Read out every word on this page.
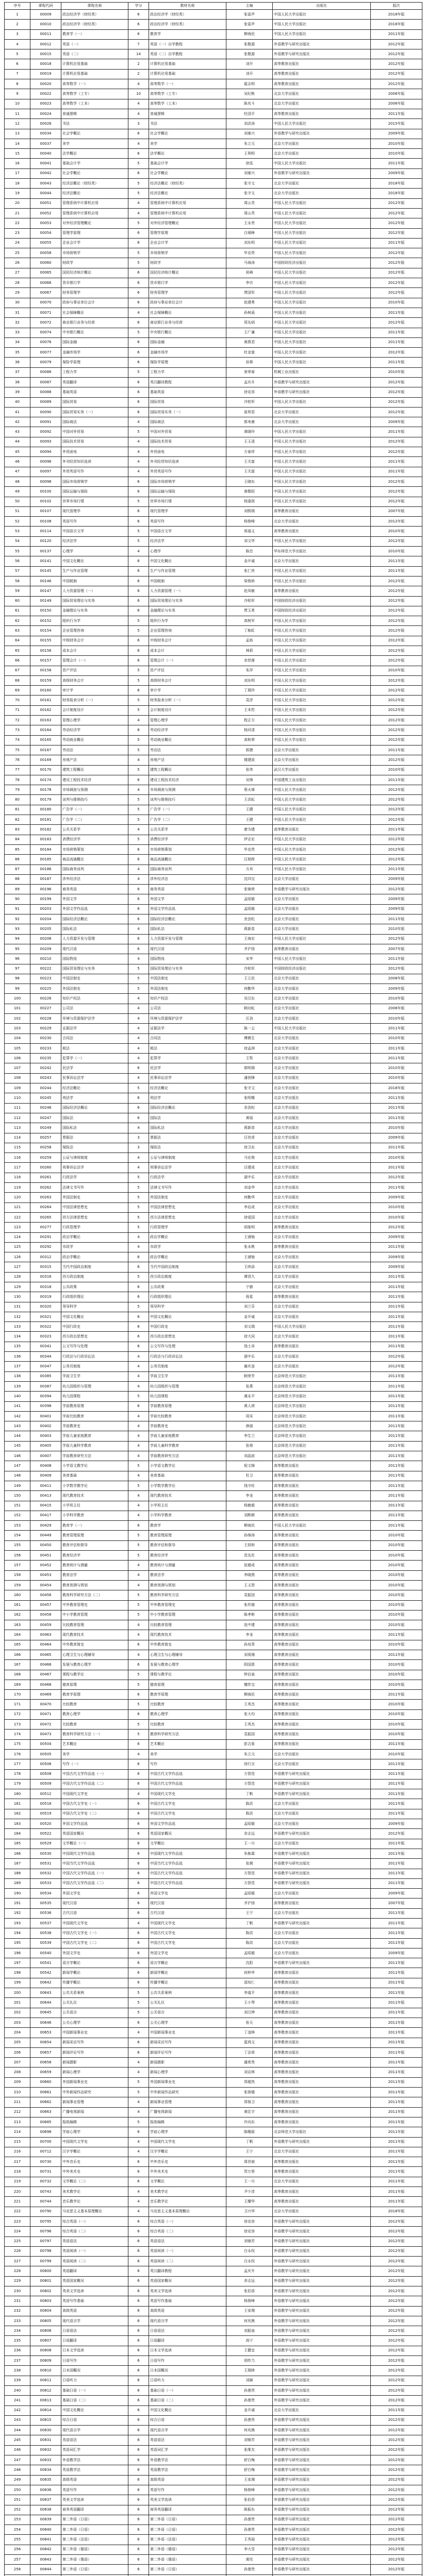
序号	课程代码	课程名称	学分	教材名称	主编	出版社	版次
1	00009	政治经济学（财经类）	6	政治经济学（财经类）	张雷声	中国人民大学出版社	2018年版
2	00010	政治经济学（财经类）	6	政治经济学（财经类）	张雷声	中国人民大学出版社	2018年版
3	00011	教育学（一）	6	教育学	柳海民	中国人民大学出版社	2011年版
4	00012	英语（一）	7	英语（一）自学教程	张敬源	外语教学与研究出版社	2012年版
5	00015	英语（二）	14	英语（二）自学教程	张敬源	外语教学与研究出版社	2012年版
6	00018	计算机应用基础	2	计算机应用基础	刘开	高等教育出版社	2012年版
7	00019	计算机应用基础	2	计算机应用基础	刘开	高等教育出版社	2012年版
8	00020	高等数学（一）	4	高等数学（一）	扈志明	高等教育出版社	2012年版
9	00022	高等数学（工专）	10	高等数学（工专）	吴纪桃	北京大学出版社	2006年版
10	00023	高等数学（工本）	4	高等数学（工本）	陈兆斗	北京大学出版社	2006年版
11	00024	普通逻辑	4	普通逻辑	杜国平	高等教育出版社	2011年版
12	00026	书法	3	书法	刘洪涛	中国人民大学出版社	2015年版
13	00034	社会学概论	6	社会学概论	刘豪兴	外语教学与研究出版社	2009年版
14	00037	美学	4	美学	朱立元	北京大学出版社	2010年版
15	00040	法学概论	6	法学概论	王利明	北京大学出版社	2010年版
16	00041	基础会计学	5	基础会计学	徐泓	中国人民大学出版社	2011年版
17	00042	社会学概论	6	社会学概论	刘豪兴	外语教学与研究出版社	2009年版
18	00043	经济法概论（财经类）	5	经济法概论（财经类）	张守文	北京大学出版社	2018年版
19	00044	经济法概论	5	经济法概论	张守文	北京大学出版社	2018年版
20	00051	管理系统中计算机应用	4	管理系统中计算机应用	周山芙	中国人民大学出版社	2012年版
21	00052	管理系统中计算机应用	4	管理系统中计算机应用	周山芙	中国人民大学出版社	2012年版
22	00053	对外经济管理概论	5	对外经济管理概论	王永贵	中国人民大学出版社	2012年版
23	00054	管理学原理	6	管理学原理	白瑷峥	中国人民大学出版社	2012年版
24	00055	企业会计学	6	企业会计学	刘东明	中国人民大学出版社	2011年版
25	00058	市场营销学	5	市场营销学	毕克贵	中国人民大学出版社	2012年版
26	00060	财政学	5	财政学	马海涛	中国财政经济出版社	2012年版
27	00065	国民经济统计概论	6	国民经济统计概论	侯峰	中国人民大学出版社	2012年版
28	00066	货币银行学	6	货币银行学	李宗	中国人民大学出版社	2012年版
29	00067	财务管理学	6	财务管理学	贾国军	中国人民大学出版社	2012年版
30	00070	政府与事业单位会计	6	政府与事业单位会计	赵建勇	中国人民大学出版社	2010年版
31	00071	社会保障概论	4	社会保障概论	孙树菡	中国人民大学出版社	2011年版
32	00072	商业银行业务与经营	6	商业银行业务与经营	郑先炳	中国人民大学出版社	2012年版
33	00074	中央银行概论	5	中央银行概论	王广谦	中国人民大学出版社	2011年版
34	00076	国际金融	6	国际金融	黄燕君	中国人民大学出版社	2011年版
35	00077	金融市场学	6	金融市场学	杜金富	中国人民大学出版社	2012年版
36	00079	保险学原理	6	保险学原理	孙蓉	中国人民大学出版社	2011年版
37	00086	工程力学	5	工程力学	景荣春	机械工业出版社	2010年版
38	00087	英语翻译	6	英汉翻译教程	孟庆升	外语教学与研究出版社	2012年版
39	00088	基础英语	6	基础英语	徐克容	外语教学与研究出版社	2012年版
40	00089	国际贸易	6	国际贸易	冷柏军	中国人民大学出版社	2012年版
41	00090	国际贸易实务（一）	6	国际贸易实务（一）	聂利君	北京大学出版社	2012年版
42	00091	国际商法	4	国际商法	郭寿康	北京大学出版社	2009年版
43	00092	中国对外贸易	5	中国对外贸易	黄晓玲	中国人民大学出版社	2011年版
44	00093	国际技术贸易	4	国际技术贸易	王玉清	中国人民大学出版社	2012年版
45	00094	外贸函电	4	外贸函电	方春祥	中国人民大学出版社	2012年版
46	00096	外刊经贸知识选读	4	外刊经贸知识选读	王关富	中国人民大学出版社	2011年版
47	00097	外贸英语写作	4	外贸英语写作	王关富	中国人民大学出版社	2011年版
48	00098	国际市场营销学	6	国际市场营销学	王晓东	中国人民大学出版社	2012年版
49	00100	国际运输与保险	6	国际运输与保险	黄敬阳	中国人民大学出版社	2012年版
50	00102	世界市场行情	5	世界市场行情	杨逢珉	中国人民大学出版社	2012年版
51	00107	现代管理学	6	现代管理学	刘熙瑞	高等教育出版社	2007年版
52	00108	英语写作	6	英语写作	杨俊峰	北京大学出版社	2012年版
53	00114	中国语言文学	5	中国语言文学	邢福义	高等教育出版社	2010年版
54	00120	经济法学	5	经济法学	刘文华	中国人民大学出版社	2012年版
55	00137	心理学	4	心理学	陈忠	华东师范大学出版社	2010年版
56	00141	中国文化概论	6	中国文化概论	金开诚	北京大学出版社	2011年版
57	00145	生产与作业管理	6	生产与作业管理	张仁侠	中国人民大学出版社	2011年版
58	00146	中国税制	6	中国税制	梁俊娇	中国人民大学出版社	2012年版
59	00147	人力资源管理（一）	6	人力资源管理（一）	赵凤敏	高等教育出版社	2012年版
60	00149	国际贸易理论与实务	6	国际贸易理论与实务	冷柏军	中国财政经济出版社	2012年版
61	00150	金融理论与实务	6	金融理论与实务	贾玉革	中国财政经济出版社	2012年版
62	00152	组织行为学	5	组织行为学	高树军	中国人民大学出版社	2012年版
63	00154	企业管理咨询	5	企业管理咨询	丁栋虹	中国人民大学出版社	2012年版
64	00155	中级财务会计	6	中级财务会计	孟焰	中国人民大学出版社	2012年版
65	00156	成本会计	6	成本会计	林莉	中国人民大学出版社	2012年版
66	00157	管理会计（一）	6	管理会计（一）	余恕莲	中国人民大学出版社	2012年版
67	00158	资产评估	5	资产评估	朱萍	中国人民大学出版社	2010年版
68	00159	高级财务会计	5	高级财务会计	刘东明	中国人民大学出版社	2012年版
69	00160	审计学	6	审计学	丁瑞玲	中国人民大学出版社	2012年版
70	00161	财务报表分析（一）	5	财务报表分析（一）	袁淳	中国人民大学出版社	2012年版
71	00162	会计制度设计	5	会计制度设计	王本哲	中国人民大学出版社	2012年版
72	00163	管理心理学	4	管理心理学	程正方	中国人民大学出版社	2012年版
73	00164	劳动经济学	6	劳动经济学	杨河清	中国人民大学出版社	2012年版
74	00165	劳动就业概论	5	劳动就业概论	高和荣	中国人民大学出版社	2012年版
75	00167	劳动法	5	劳动法	郭捷	北京大学出版社	2011年版
76	00169	房地产法	4	房地产法	楼建波	北京大学出版社	2012年版
77	00170	建筑工程概论	5	建筑工程概论	张伟	武汉大学出版社	2010年版
78	00174	建设工程技术经济	6	建设工程技术经济	吴锋	中国建筑工业出版社	2011年版
79	00178	市场调查与预测	4	市场调查与预测	蔡火娣	中国人民大学出版社	2012年版
80	00179	谈判与推销技巧	5	谈判与推销技巧	王洪耘	中国人民大学出版社	2012年版
81	00180	广告学（一）	5	广告学（一）	王健	中国人民大学出版社	2012年版
82	00181	广告学（二）	5	广告学（二）	王健	中国人民大学出版社	2012年版
83	00182	公共关系学	4	公共关系学	廖为建	高等教育出版社	2011年版
84	00183	消费经济学	5	消费经济学	伊志宏	中国人民大学出版社	2012年版
85	00184	市场营销策划	6	市场营销策划	毕克贵	中国人民大学出版社	2012年版
86	00185	商品流通概论	6	商品流通概论	汪旭晖	中国人民大学出版社	2012年版
87	00186	国际商务谈判	4	国际商务谈判	方其	中国人民大学出版社	2011年版
88	00187	涉外经济法	4	涉外经济法	沈四宝	北京大学出版社	2009年版
89	00196	商务英语	6	商务英语	张锦荣	外语教学与研究出版社	2012年版
90	00199	外国文学	6	外国文学	孟昭毅	北京大学出版社	2009年版
91	00203	外国文学作品选	6	外国文学作品选	孟昭毅	北京大学出版社	2009年版
92	00204	国际经济法概论	6	国际经济法概论	余劲松	北京大学出版社	2011年版
93	00205	国际私法	4	国际私法	蒋新苗	北京大学出版社	2010年版
94	00206	人力资源开发与管理	6	人力资源开发与管理	王海宏	中国人民大学出版社	2012年版
95	00209	现代汉语	6	现代汉语	齐沪扬	高等教育出版社	2007年版
96	00210	国际物流	4	国际物流	宋华	中国人民大学出版社	2011年版
97	00222	国际贸易理论与实务	5	国际贸易理论与实务	冷柏军	中国财政经济出版社	2012年版
98	00223	中国法制史	5	中国法制史	王立民	北京大学出版社	2008年版
99	00225	外国法制史	5	外国法制史	何勤华	北京大学出版社	2009年版
100	00226	知识产权法	4	知识产权法	吴汉东	北京大学出版社	2010年版
101	00227	公司法	4	公司法	顾功耘	北京大学出版社	2008年版
102	00228	环境与资源保护法学	4	环境与资源保护法学	汪劲	北京大学出版社	2010年版
103	00229	证据法学	4	证据法学	陈一云	中国人民大学出版社	2011年版
104	00230	合同法	4	合同法	傅鼎生	北京大学出版社	2010年版
105	00233	税法	4	税法	徐孟洲	北京大学出版社	2011年版
106	00235	犯罪学（一）	4	犯罪学	王牧	北京大学出版社	2011年版
107	00242	民法学	6	民法学	郭明瑞	北京大学出版社	2010年版
108	00243	民事诉讼法学	4	民事诉讼法学	潘剑锋	北京大学出版社	2010年版
109	00244	经济法概论	5	经济法概论	张守文	北京大学出版社	2018年版
110	00245	刑法学	6	刑法学	张明楷	北京大学出版社	2011年版
111	00246	国际经济法概论	6	国际经济法概论	余劲松	北京大学出版社	2011年版
112	00247	国际法	6	国际法	黄瑶	北京大学出版社	2011年版
113	00249	国际私法	4	国际私法	蒋新苗	北京大学出版社	2010年版
114	00257	票据法	3	票据法	汪世虎	北京大学出版社	2009年版
115	00258	保险法	3	保险法	徐卫东	北京大学出版社	2011年版
116	00259	公证与律师制度	4	公证与律师制度	马宏俊	北京大学出版社	2010年版
117	00260	刑事诉讼法学	4	刑事诉讼法学	汪建成	北京大学出版社	2011年版
118	00261	行政法学	5	行政法学	湛中乐	北京大学出版社	2012年版
119	00262	法律文书写作	5	法律文书写作	刘金华	北京大学出版社	2011年版
120	00263	外国法制史	5	外国法制史	何勤华	北京大学出版社	2009年版
121	00264	中国法律思想史	5	中国法律思想史	李启成	北京大学出版社	2010年版
122	00265	西方法律思想史	5	西方法律思想史	徐爱国	北京大学出版社	2010年版
123	00277	行政管理学	5	行政管理学	胡象明	高等教育出版社	2012年版
124	00291	政治学概论	4	政治学概论	王浦劬	北京大学出版社	2009年版
125	00292	市政学	4	市政学	张永桃	高等教育出版社	2011年版
126	00312	政治学概论	6	政治学概论	王浦劬	北京大学出版社	2009年版
127	00315	当代中国政治制度	6	当代中国政治制度	王续添	北京大学出版社	2009年版
128	00316	西方政治制度	5	西方政治制度	谭君久	北京大学出版社	2011年版
129	00318	公共政策	6	公共政策	宁骚	北京大学出版社	2011年版
130	00319	行政组织理论	6	行政组织理论	倪星	高等教育出版社	2011年版
131	00320	领导科学	5	领导科学	刘兰芬	北京大学出版社	2011年版
132	00321	中国文化概论	6	中国文化概论	金开诚	北京大学出版社	2011年版
133	00322	中国行政史	6	中国行政史	刘文瑞	中国人民大学出版社	2011年版
134	00323	西方政治思想史	6	西方政治思想史	徐大同	北京大学出版社	2011年版
135	00341	公文写作与处理	6	公文写作与处理	饶士奇	高等教育出版社	2011年版
136	00344	行政法与行政诉讼法	4	行政法与行政诉讼法	湛中乐	北京大学出版社	2012年版
137	00347	公务员制度	4	公务员制度	谢庆奎	北京大学出版社	2012年版
138	00385	学前卫生学	4	学前卫生学	顾荣芳	北京师范大学出版社	2011年版
139	00387	幼儿园组织与管理	4	幼儿园组织与管理	张燕	北京师范大学出版社	2011年版
140	00394	幼儿园课程	5	幼儿园课程	虞永平	北京师范大学出版社	2011年版
141	00398	学前教育原理	6	学前教育原理	黄人颂	北京师范大学出版社	2011年版
142	00401	学前比较教育	4	学前比较教育	周采	北京师范大学出版社	2011年版
143	00402	学前教育史	4	学前教育史	唐淑	北京师范大学出版社	2011年版
144	00403	学前儿童家庭教育	4	学前儿童家庭教育	李生兰	北京师范大学出版社	2011年版
145	00405	学前儿童科学教育	4	学前儿童科学教育	张俊	北京师范大学出版社	2011年版
146	00407	学前教育研究方法	4	学前教育研究方法	刘晶波	北京师范大学出版社	2011年版
147	00408	小学语文教学论	5	小学语文教学论	倪文锦	高等教育出版社	2011年版
148	00409	美育基础	4	美育基础	杜卫	高等教育出版社	2011年版
149	00411	小学数学教学论	5	小学数学教学论	钱守旺	高等教育出版社	2011年版
150	00413	现代教育技术	4	现代教育技术	李龙	高等教育出版社	2011年版
151	00415	小学班主任	4	小学班主任	杨敏毅	高等教育出版社	2011年版
152	00417	小学科学教育	4	小学科学教育	刘默耕	高等教育出版社	2011年版
153	00429	教育学（一）	6	教育学	柳海民	中国人民大学出版社	2011年版
154	00449	教育管理原理	5	教育管理原理	孙绵涛	高等教育出版社	2010年版
155	00450	教育评估和督导	5	教育评估和督导	王致和	高等教育出版社	2010年版
156	00451	教育经济学	5	教育经济学	范先佐	高等教育出版社	2010年版
157	00452	教育统计与测量	4	教育统计与测量	赵德成	高等教育出版社	2010年版
158	00453	教育法学	4	教育法学	李晓燕	高等教育出版社	2010年版
159	00454	教育预测与规划	4	教育预测与规划	王义智	高等教育出版社	2010年版
160	00456	教育科学研究方法（二）	5	教育科学研究方法	袁振国	高等教育出版社	2010年版
161	00457	中外教育管理史	5	中外教育管理史	张传燧	高等教育出版社	2010年版
162	00458	中小学教育管理	5	中小学教育管理	陈孝彬	高等教育出版社	2010年版
163	00459	比较教育管理	4	比较教育管理	赵中建	高等教育出版社	2010年版
164	00463	现代教育技术	4	现代教育技术	李龙	高等教育出版社	2011年版
165	00464	中外教育简史	6	中外教育简史	孙培青	高等教育出版社	2010年版
166	00465	心理卫生与心理辅导	4	心理卫生与心理辅导	刘视湘	高等教育出版社	2011年版
167	00466	发展与教育心理学	6	发展与教育心理学	阴国恩	高等教育出版社	2010年版
168	00467	课程与教学论	5	课程与教学论	钟启泉	高等教育出版社	2010年版
169	00468	德育原理	5	德育原理	檀传宝	高等教育出版社	2010年版
170	00469	教育学原理	6	教育学原理	柳海民	高等教育出版社	2011年版
171	00470	比较教育	5	比较教育	王英杰	高等教育出版社	2010年版
172	00471	教育心理学	6	教育心理学	张大均	高等教育出版社	2010年版
173	00472	比较教育	5	比较教育	王英杰	高等教育出版社	2010年版
174	00473	教育科学研究方法（一）	5	教育科学研究方法	袁振国	高等教育出版社	2010年版
175	00504	艺术概论	6	艺术概论	彭吉象	高等教育出版社	2011年版
176	00505	美学	4	美学	朱立元	北京大学出版社	2010年版
177	00506	写作（一）	6	写作	徐行言	北京大学出版社	2011年版
178	00508	中国古代文学作品选（一）	6	中国古代文学作品选	方智范	外语教学与研究出版社	2011年版
179	00509	中国古代文学作品选（二）	6	中国古代文学作品选	方智范	外语教学与研究出版社	2011年版
180	00512	中国现代文学史	4	中国现代文学史	丁帆	外语教学与研究出版社	2011年版
181	00518	中国古代文学史（一）	6	中国古代文学史	陈洪	北京大学出版社	2011年版
182	00519	中国古代文学史（二）	6	中国古代文学史	陈洪	北京大学出版社	2011年版
183	00520	外国文学作品选	6	外国文学作品选	孟昭毅	北京大学出版社	2009年版
184	00522	英语国家概况	6	英语国家概况	余志远	外语教学与研究出版社	2012年版
185	00529	文学概论（一）	6	文学概论	王一川	北京大学出版社	2011年版
186	00530	中国现代文学作品选	6	中国现代文学作品选	朱栋霖	外语教学与研究出版社	2011年版
187	00531	中国当代文学作品选	6	中国当代文学作品选	张炯	外语教学与研究出版社	2011年版
188	00532	中国古代文学作品选（一）	6	中国古代文学作品选	方智范	外语教学与研究出版社	2011年版
189	00533	中国古代文学作品选（二）	6	中国古代文学作品选	方智范	外语教学与研究出版社	2011年版
190	00534	外国文学史	6	外国文学史	孟昭毅	北京大学出版社	2009年版
191	00535	现代汉语	6	现代汉语	齐沪扬	高等教育出版社	2007年版
192	00536	古代汉语	6	古代汉语	王宁	北京大学出版社	2011年版
193	00537	中国现代文学史	4	中国现代文学史	丁帆	外语教学与研究出版社	2011年版
194	00538	中国古代文学史（一）	6	中国古代文学史	陈洪	北京大学出版社	2011年版
195	00539	中国古代文学史（二）	6	中国古代文学史	陈洪	北京大学出版社	2011年版
196	00540	外国文学史	6	外国文学史	孟昭毅	北京大学出版社	2009年版
197	00541	语言学概论	6	语言学概论	沈阳	外语教学与研究出版社	2011年版
198	00542	新闻学概论	6	新闻学概论	何梓华	高等教育出版社	2011年版
199	00642	传播学概论	6	传播学概论	邵培仁	高等教育出版社	2011年版
200	00643	公共关系案例	5	公共关系案例	李道平	高等教育出版社	2011年版
201	00644	公关礼仪	5	公关礼仪	王小琴	高等教育出版社	2011年版
202	00645	公关语言	5	公关语言	刘汉坤	高等教育出版社	2011年版
203	00646	公关心理学	6	公关心理学	张天	高等教育出版社	2011年版
204	00653	中国新闻事业史	4	中国新闻事业史	丁淦林	高等教育出版社	2011年版
205	00654	新闻采访写作	6	新闻采访写作	蓝鸿文	高等教育出版社	2011年版
206	00657	新闻评论写作	6	新闻评论写作	丁法章	高等教育出版社	2011年版
207	00658	新闻摄影	4	新闻摄影	盛希贵	高等教育出版社	2011年版
208	00659	新闻心理学	4	新闻心理学	刘京林	高等教育出版社	2011年版
209	00660	外国新闻事业史	5	外国新闻事业史	郑超然	高等教育出版社	2011年版
210	00661	中外新闻作品研究	5	中外新闻作品研究	张骏德	高等教育出版社	2011年版
211	00662	新闻事业管理	4	新闻事业管理	郑保卫	高等教育出版社	2011年版
212	00663	广播电视新闻	4	广播电视新闻	黄匡宇	高等教育出版社	2011年版
213	00685	报纸编辑	5	报纸编辑	许向东	高等教育出版社	2011年版
214	00698	学前心理学	6	学前心理学	陈帼眉	北京师范大学出版社	2011年版
215	00700	中国现代文学史	4	中国现代文学史	丁帆	外语教学与研究出版社	2011年版
216	00712	汉字学概论	4	汉字学概论	王宁	北京大学出版社	2011年版
217	00730	中外音乐史	6	中外音乐史	周世斌	高等教育出版社	2011年版
218	00731	中外美术史	6	中外美术史	贺万里	高等教育出版社	2011年版
219	00732	文学概论（二）	6	文学概论	王一川	北京大学出版社	2011年版
220	00743	美术教学论	4	美术教学论	尹少淳	高等教育出版社	2011年版
221	00744	音乐教学论	4	音乐教学论	王耀华	高等教育出版社	2011年版
222	00790	马克思主义基本原理概论	4	马克思主义基本原理概论	卫兴华	北京大学出版社	2018年版
223	00795	综合英语（一）	6	综合英语（一）	徐克容	外语教学与研究出版社	2012年版
224	00796	综合英语（二）	6	综合英语（二）	徐克容	外语教学与研究出版社	2012年版
225	00797	英语语法	6	英语语法	刘锦芳	外语教学与研究出版社	2012年版
226	00798	英语阅读（一）	6	英语阅读（一）	白永权	外语教学与研究出版社	2012年版
227	00799	英语阅读（二）	6	英语阅读（二）	白永权	外语教学与研究出版社	2012年版
228	00800	英语翻译	6	英汉翻译教程	孟庆升	外语教学与研究出版社	2012年版
229	00801	英语国家概况	6	英语国家概况	余志远	外语教学与研究出版社	2012年版
230	00802	英美文学选读	6	英美文学选读	张伯香	外语教学与研究出版社	2012年版
231	00803	英语写作基础	6	英语写作基础	杨俊峰	外语教学与研究出版社	2012年版
232	00804	高级英语	6	高级英语	王家湘	外语教学与研究出版社	2012年版
233	00805	现代语言学	6	现代语言学	何兆熊	外语教学与研究出版社	2012年版
234	00806	日语语法	6	日语语法	刘振泉	外语教学与研究出版社	2012年版
235	00807	日语翻译	6	日语翻译	高宁	外语教学与研究出版社	2012年版
236	00808	日本文学选读	6	日本文学选读	王健宜	外语教学与研究出版社	2012年版
237	00809	日语写作	6	日语写作	胡传乃	外语教学与研究出版社	2012年版
238	00810	日本国概况	6	日本国概况	王瑞林	外语教学与研究出版社	2012年版
239	00811	日语听力	6	日语听力	刘颖	外语教学与研究出版社	2012年版
240	00812	基础日语（一）	6	基础日语（一）	孙莲贵	外语教学与研究出版社	2012年版
241	00813	基础日语（二）	6	基础日语（二）	孙莲贵	外语教学与研究出版社	2012年版
242	00814	中国文化概论	6	中国文化概论	金开诚	北京大学出版社	2011年版
243	00815	综合日语	6	综合日语	孙莲贵	外语教学与研究出版社	2012年版
244	00830	现代语言学	6	现代语言学	何兆熊	外语教学与研究出版社	2012年版
245	00831	英语语法	6	英语语法	刘锦芳	外语教学与研究出版社	2012年版
246	00832	英语词汇学	6	英语词汇学	张维友	外语教学与研究出版社	2012年版
247	00833	外语教学法	6	外语教学法	舒白梅	外语教学与研究出版社	2012年版
248	00834	英语教学法	6	英语教学法	舒白梅	外语教学与研究出版社	2012年版
249	00835	高级英语	6	高级英语	王家湘	外语教学与研究出版社	2012年版
250	00836	英语写作	6	英语写作	杨俊峰	外语教学与研究出版社	2012年版
251	00837	英美文学选读	6	英美文学选读	张伯香	外语教学与研究出版社	2012年版
252	00838	商务英语翻译	6	商务英语翻译	陈振东	外语教学与研究出版社	2012年版
253	00839	第二外语（日语）	6	第二外语（日语）	孙莲贵	外语教学与研究出版社	2012年版
254	00840	第二外语（日语）	6	第二外语（日语）	孙莲贵	外语教学与研究出版社	2012年版
255	00841	第二外语（法语）	6	第二外语（法语）	王秀丽	外语教学与研究出版社	2012年版
256	00842	第二外语（德语）	6	第二外语（德语）	李大雪	外语教学与研究出版社	2012年版
257	00843	第二外语（俄语）	6	第二外语（俄语）	黄玫	外语教学与研究出版社	2012年版
258	00844	第二外语（日语）	6	第二外语（日语）	孙莲贵	外语教学与研究出版社	2012年版
